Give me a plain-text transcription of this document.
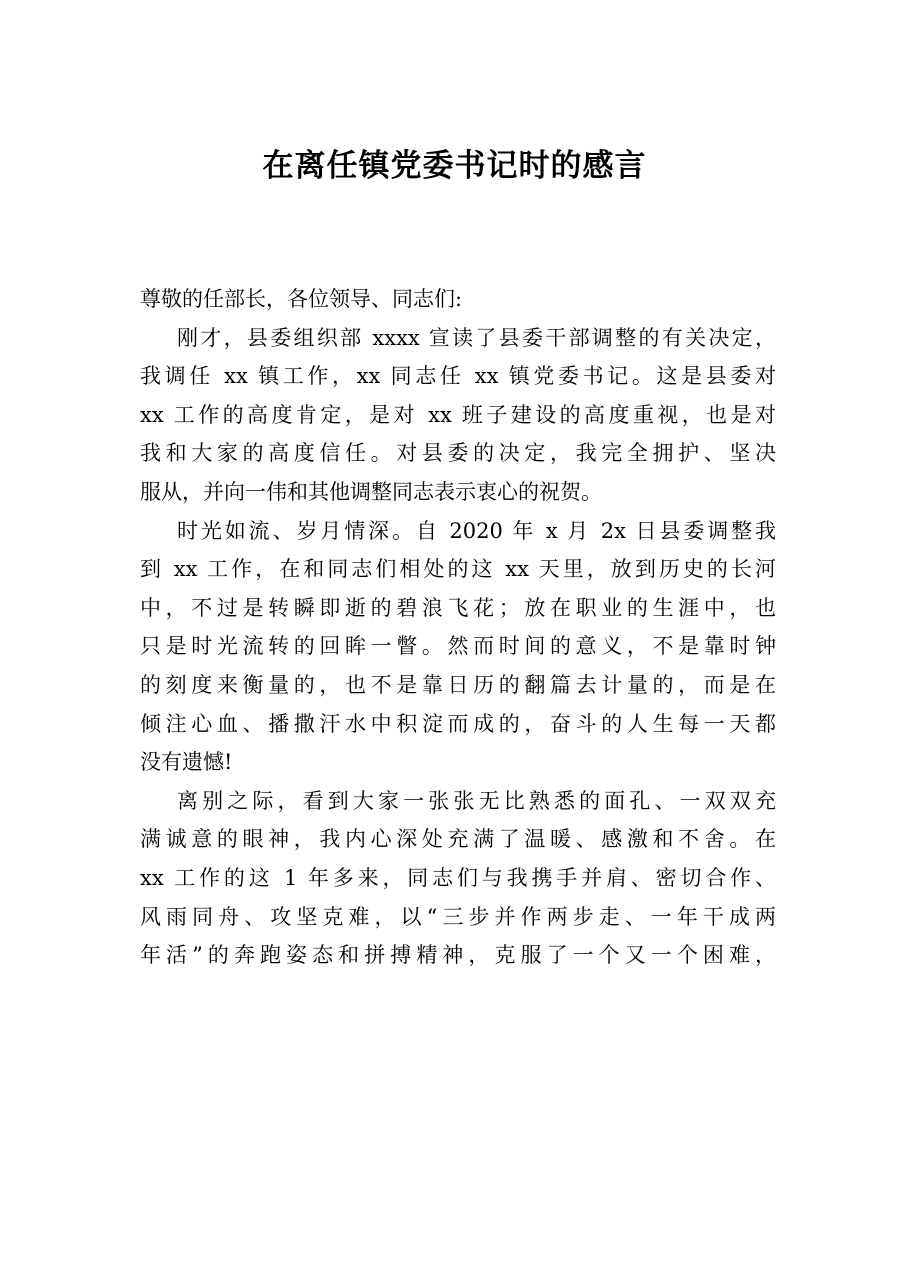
在离任镇党委书记时的感言
尊敬的任部长，各位领导、同志们:
刚才，县委组织部 xxxx 宣读了县委干部调整的有关决定，
我调任 xx 镇工作，xx 同志任 xx 镇党委书记。这是县委对
xx 工作的高度肯定，是对 xx 班子建设的高度重视，也是对
我和大家的高度信任。对县委的决定，我完全拥护、坚决
服从，并向一伟和其他调整同志表示衷心的祝贺。
时光如流、岁月情深。自 2020 年 x 月 2x 日县委调整我
到 xx 工作，在和同志们相处的这 xx 天里，放到历史的长河
中，不过是转瞬即逝的碧浪飞花；放在职业的生涯中，也
只是时光流转的回眸一瞥。然而时间的意义，不是靠时钟
的刻度来衡量的，也不是靠日历的翻篇去计量的，而是在
倾注心血、播撒汗水中积淀而成的，奋斗的人生每一天都
没有遗憾!
离别之际，看到大家一张张无比熟悉的面孔、一双双充
满诚意的眼神，我内心深处充满了温暖、感激和不舍。在
xx 工作的这 1 年多来，同志们与我携手并肩、密切合作、
风雨同舟、攻坚克难，以“三步并作两步走、一年干成两
年活”的奔跑姿态和拼搏精神，克服了一个又一个困难，
